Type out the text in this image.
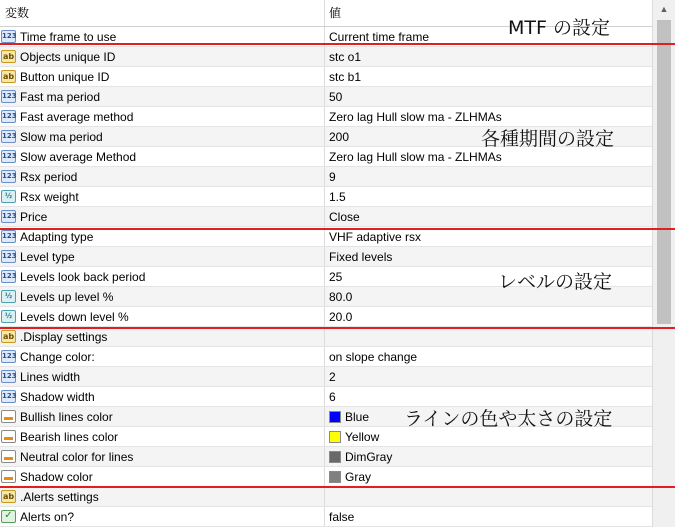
変数	値
123 Time frame to use	Current time frame
ab Objects unique ID	stc o1
ab Button unique ID	stc b1
123 Fast ma period	50
123 Fast average method	Zero lag Hull slow ma - ZLHMAs
123 Slow ma period	200
123 Slow average Method	Zero lag Hull slow ma - ZLHMAs
123 Rsx period	9
½ Rsx weight	1.5
123 Price	Close
123 Adapting type	VHF adaptive rsx
123 Level type	Fixed levels
123 Levels look back period	25
½ Levels up level %	80.0
½ Levels down level %	20.0
ab .Display settings
123 Change color:	on slope change
123 Lines width	2
123 Shadow width	6
Bullish lines color	Blue
Bearish lines color	Yellow
Neutral color for lines	DimGray
Shadow color	Gray
ab .Alerts settings
✓ Alerts on?	false
▲
MTF の設定
各種期間の設定
レベルの設定
ラインの色や太さの設定
